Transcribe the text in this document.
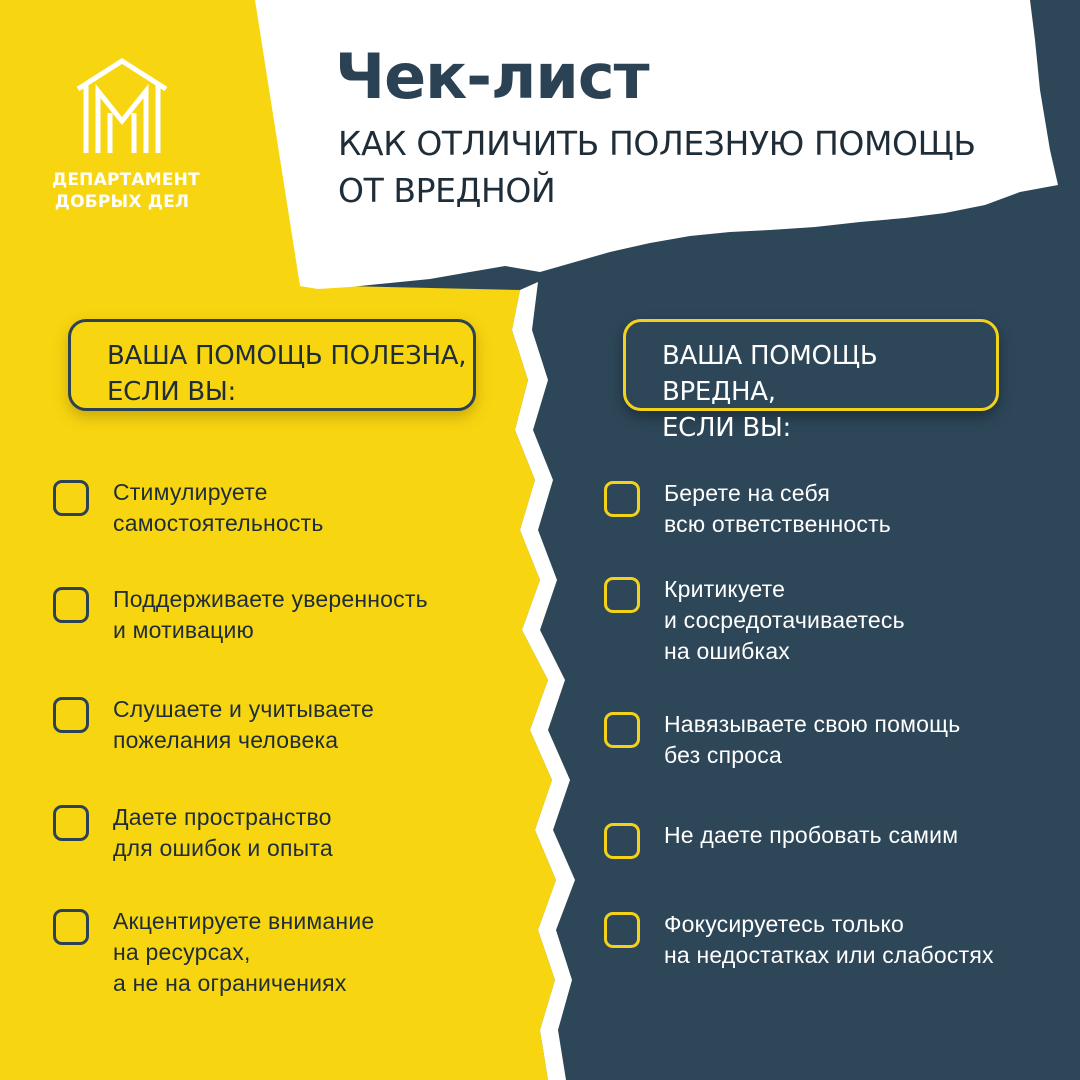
ДЕПАРТАМЕНТ
ДОБРЫХ ДЕЛ
Чек-лист
КАК ОТЛИЧИТЬ ПОЛЕЗНУЮ ПОМОЩЬ
ОТ ВРЕДНОЙ
ВАША ПОМОЩЬ ПОЛЕЗНА,
ЕСЛИ ВЫ:
ВАША ПОМОЩЬ ВРЕДНА,
ЕСЛИ ВЫ:
Стимулируете
самостоятельность
Поддерживаете уверенность
и мотивацию
Слушаете и учитываете
пожелания человека
Даете пространство
для ошибок и опыта
Акцентируете внимание
на ресурсах,
а не на ограничениях
Берете на себя
всю ответственность
Критикуете
и сосредотачиваетесь
на ошибках
Навязываете свою помощь
без спроса
Не даете пробовать самим
Фокусируетесь только
на недостатках или слабостях
